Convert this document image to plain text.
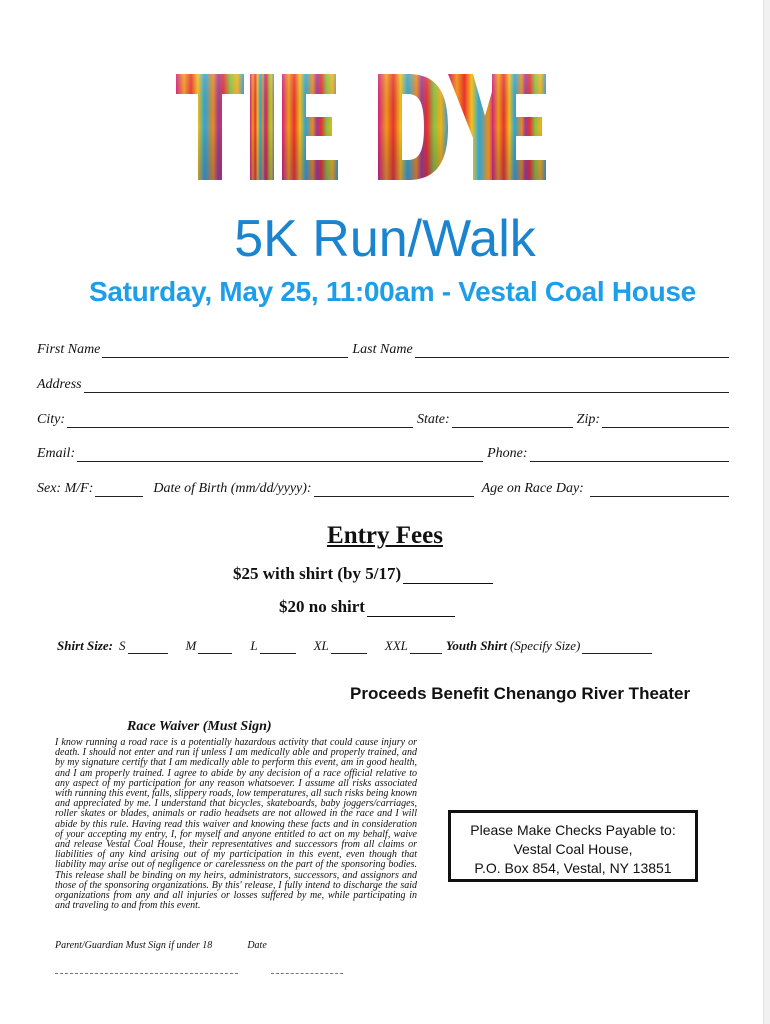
5K Run/Walk
Saturday, May 25, 11:00am - Vestal Coal House
First Name	Last Name
Address
City:	State:	Zip:
Email:	Phone:
Sex: M/F:	Date of Birth (mm/dd/yyyy):	Age on Race Day:
Entry Fees
$25 with shirt (by 5/17)
$20 no shirt
Shirt Size: S	M	L	XL	XXL	Youth Shirt (Specify Size)
Proceeds Benefit Chenango River Theater
Race Waiver (Must Sign)
I know running a road race is a potentially hazardous activity that could cause injury or death. I should not enter and run if unless I am medically able and properly trained, and by my signature certify that I am medically able to perform this event, am in good health, and I am properly trained. I agree to abide by any decision of a race official relative to any aspect of my participation for any reason whatsoever. I assume all risks associated with running this event, falls, slippery roads, low temperatures, all such risks being known and appreciated by me. I understand that bicycles, skateboards, baby joggers/carriages, roller skates or blades, animals or radio headsets are not allowed in the race and I will abide by this rule. Having read this waiver and knowing these facts and in consideration of your accepting my entry, I, for myself and anyone entitled to act on my behalf, waive and release Vestal Coal House, their representatives and successors from all claims or liabilities of any kind arising out of my participation in this event, even though that liability may arise out of negligence or carelessness on the part of the sponsoring bodies. This release shall be binding on my heirs, administrators, successors, and assignors and those of the sponsoring organizations. By this' release, I fully intend to discharge the said organizations from any and all injuries or losses suffered by me, while participating in and traveling to and from this event.
Parent/Guardian Must Sign if under 18	Date
Please Make Checks Payable to:
Vestal Coal House,
P.O. Box 854, Vestal, NY 13851
